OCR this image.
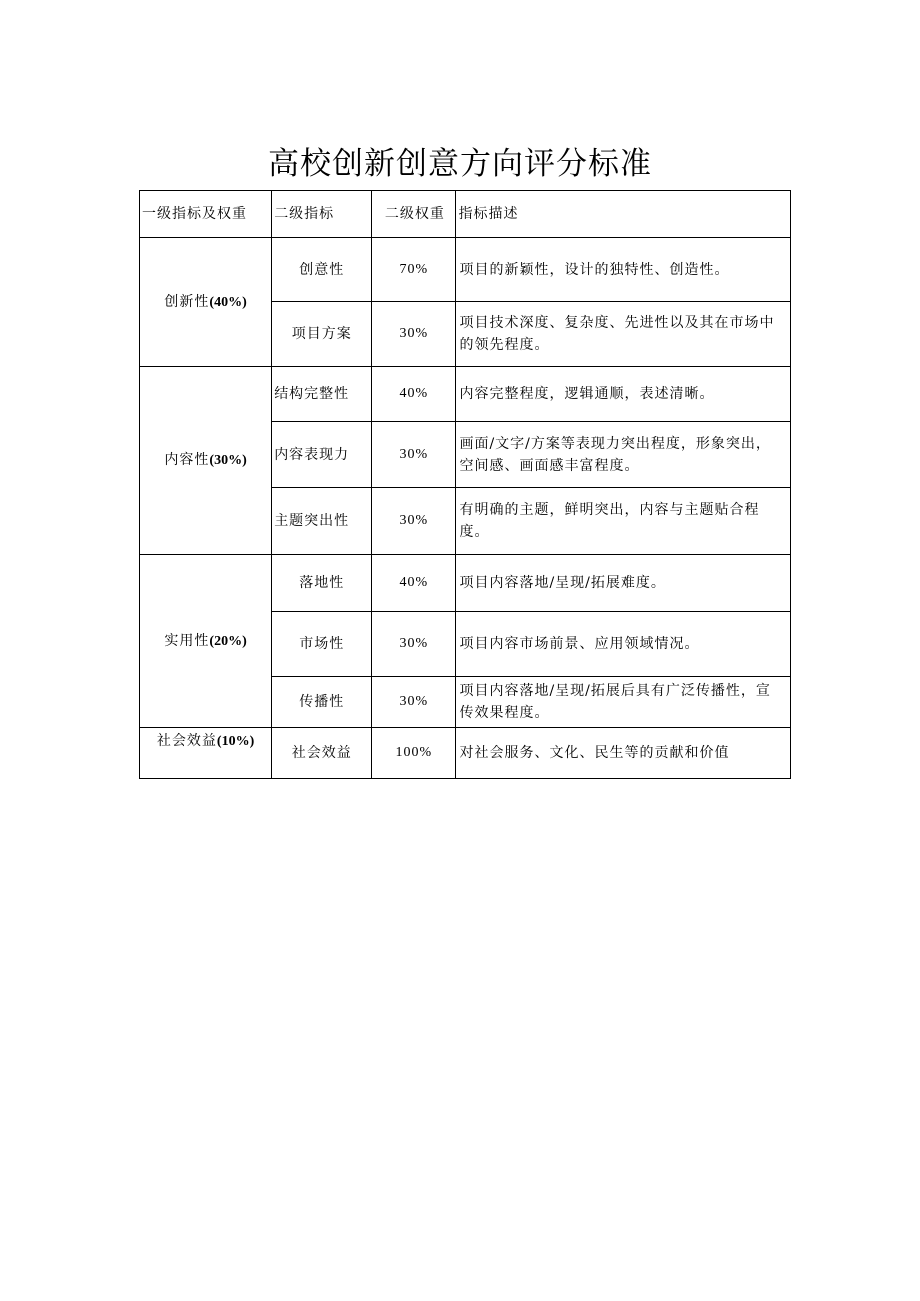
高校创新创意方向评分标准
一级指标及权重	二级指标	二级权重	指标描述
创新性(40%)	创意性	70%	项目的新颖性，设计的独特性、创造性。
	项目方案	30%	项目技术深度、复杂度、先进性以及其在市场中的领先程度。
内容性(30%)	结构完整性	40%	内容完整程度，逻辑通顺，表述清晰。
	内容表现力	30%	画面/文字/方案等表现力突出程度，形象突出，空间感、画面感丰富程度。
	主题突出性	30%	有明确的主题，鲜明突出，内容与主题贴合程度。
实用性(20%)	落地性	40%	项目内容落地/呈现/拓展难度。
	市场性	30%	项目内容市场前景、应用领域情况。
	传播性	30%	项目内容落地/呈现/拓展后具有广泛传播性，宣传效果程度。
社会效益(10%)	社会效益	100%	对社会服务、文化、民生等的贡献和价值
